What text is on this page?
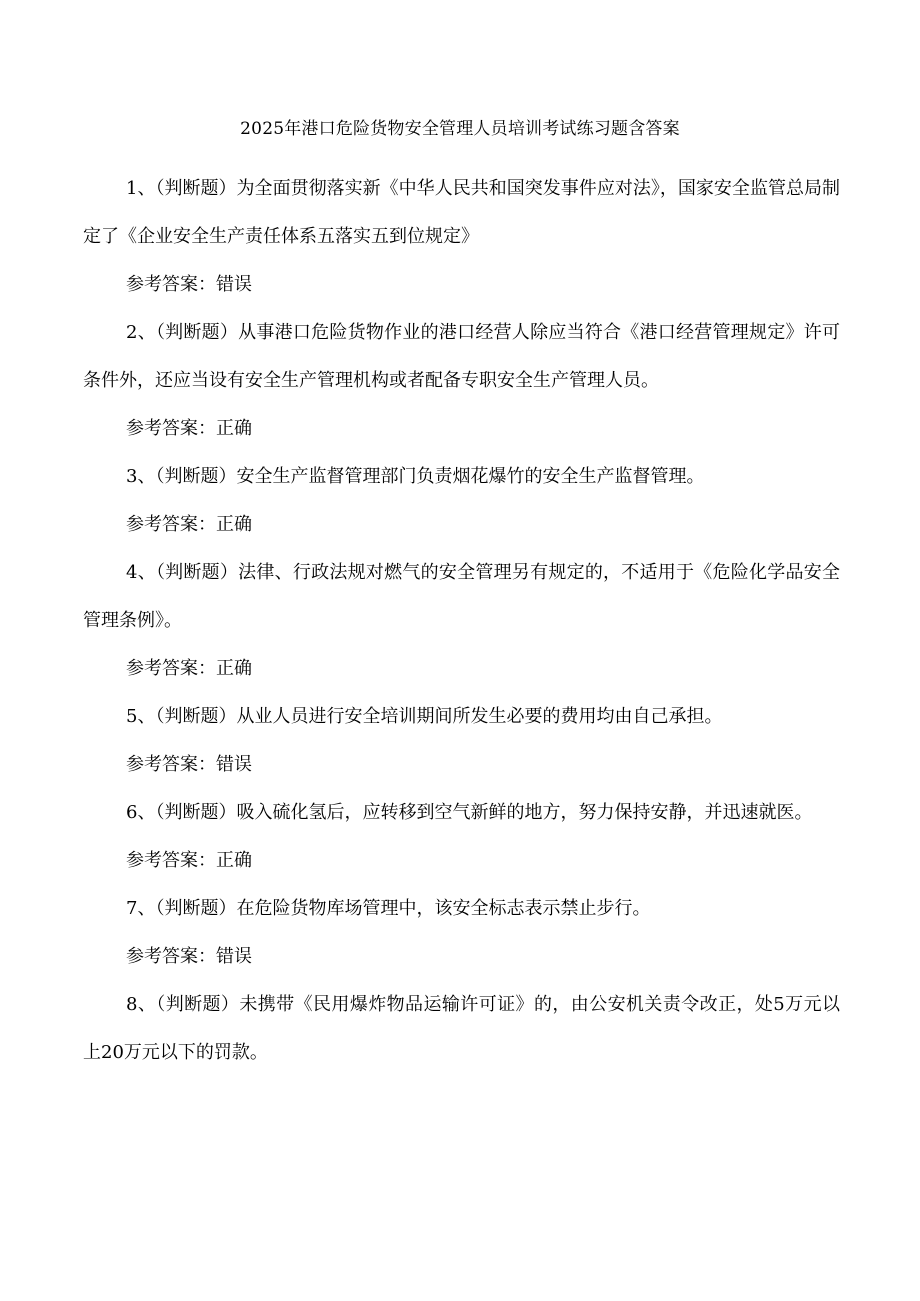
2025年港口危险货物安全管理人员培训考试练习题含答案

1、（判断题）为全面贯彻落实新《中华人民共和国突发事件应对法》，国家安全监管总局制定了《企业安全生产责任体系五落实五到位规定》

参考答案：错误

2、（判断题）从事港口危险货物作业的港口经营人除应当符合《港口经营管理规定》许可条件外，还应当设有安全生产管理机构或者配备专职安全生产管理人员。

参考答案：正确

3、（判断题）安全生产监督管理部门负责烟花爆竹的安全生产监督管理。

参考答案：正确

4、（判断题）法律、行政法规对燃气的安全管理另有规定的，不适用于《危险化学品安全管理条例》。

参考答案：正确

5、（判断题）从业人员进行安全培训期间所发生必要的费用均由自己承担。

参考答案：错误

6、（判断题）吸入硫化氢后，应转移到空气新鲜的地方，努力保持安静，并迅速就医。

参考答案：正确

7、（判断题）在危险货物库场管理中，该安全标志表示禁止步行。

参考答案：错误

8、（判断题）未携带《民用爆炸物品运输许可证》的，由公安机关责令改正，处5万元以上20万元以下的罚款。
